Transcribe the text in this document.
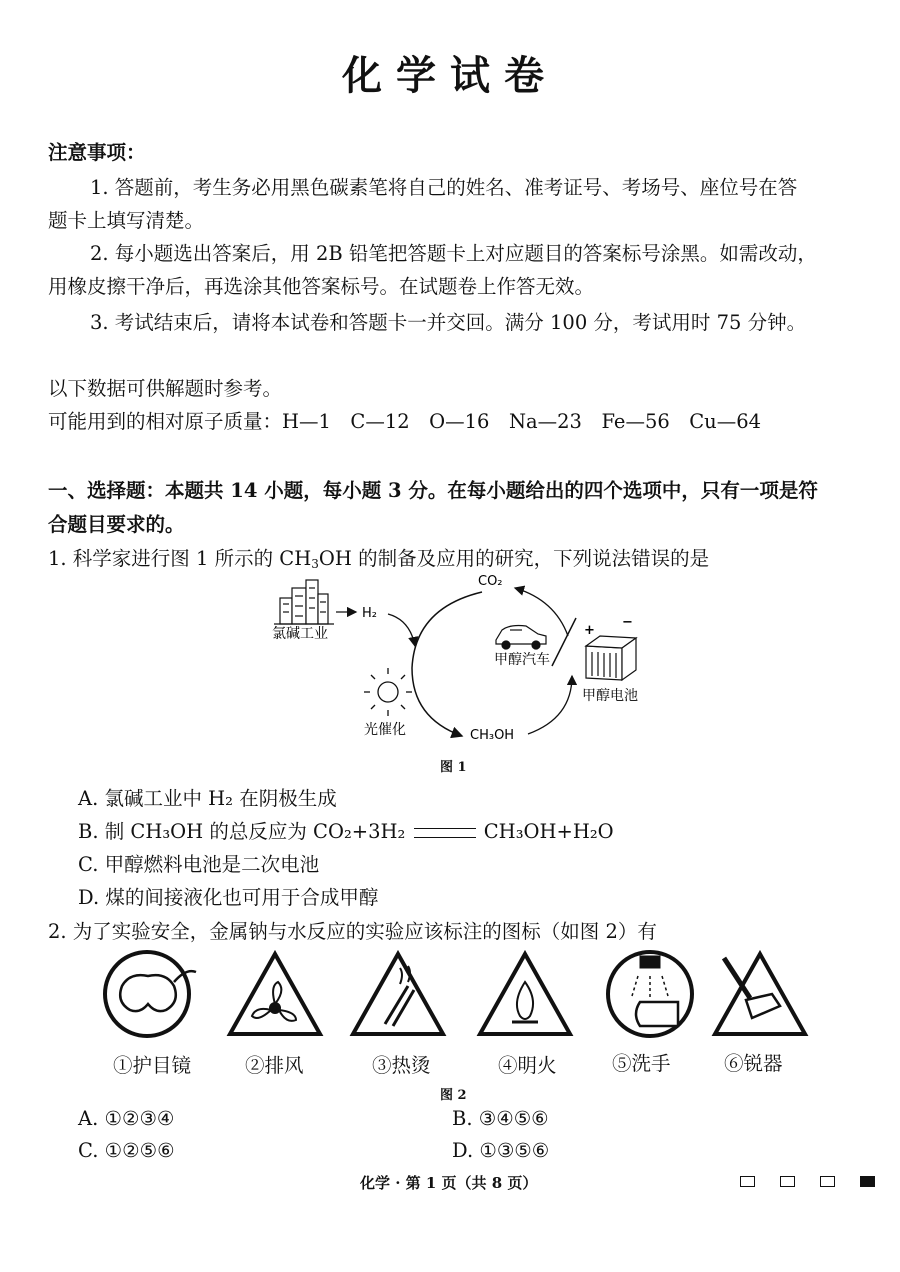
化学试卷
注意事项：
1. 答题前，考生务必用黑色碳素笔将自己的姓名、准考证号、考场号、座位号在答
题卡上填写清楚。
2. 每小题选出答案后，用 2B 铅笔把答题卡上对应题目的答案标号涂黑。如需改动，
用橡皮擦干净后，再选涂其他答案标号。在试题卷上作答无效。
3. 考试结束后，请将本试卷和答题卡一并交回。满分 100 分，考试用时 75 分钟。
以下数据可供解题时参考。
可能用到的相对原子质量：H—1　C—12　O—16　Na—23　Fe—56　Cu—64
一、选择题：本题共 14 小题，每小题 3 分。在每小题给出的四个选项中，只有一项是符
合题目要求的。
1. 科学家进行图 1 所示的 $CH_3OH$ 的制备及应用的研究，下列说法错误的是
氯碱工业
H₂
CO₂
光催化	CH₃OH
甲醇汽车
+
−
甲醇电池
图 1
A. 氯碱工业中 H₂ 在阴极生成
B. 制 CH₃OH 的总反应为 CO₂+3H₂	CH₃OH+H₂O
C. 甲醇燃料电池是二次电池
D. 煤的间接液化也可用于合成甲醇
2. 为了实验安全，金属钠与水反应的实验应该标注的图标（如图 2）有
①护目镜	②排风	③热烫	④明火	⑤洗手	⑥锐器
图 2
A. ①②③④	B. ③④⑤⑥
C. ①②⑤⑥	D. ①③⑤⑥
化学 · 第 1 页（共 8 页）
